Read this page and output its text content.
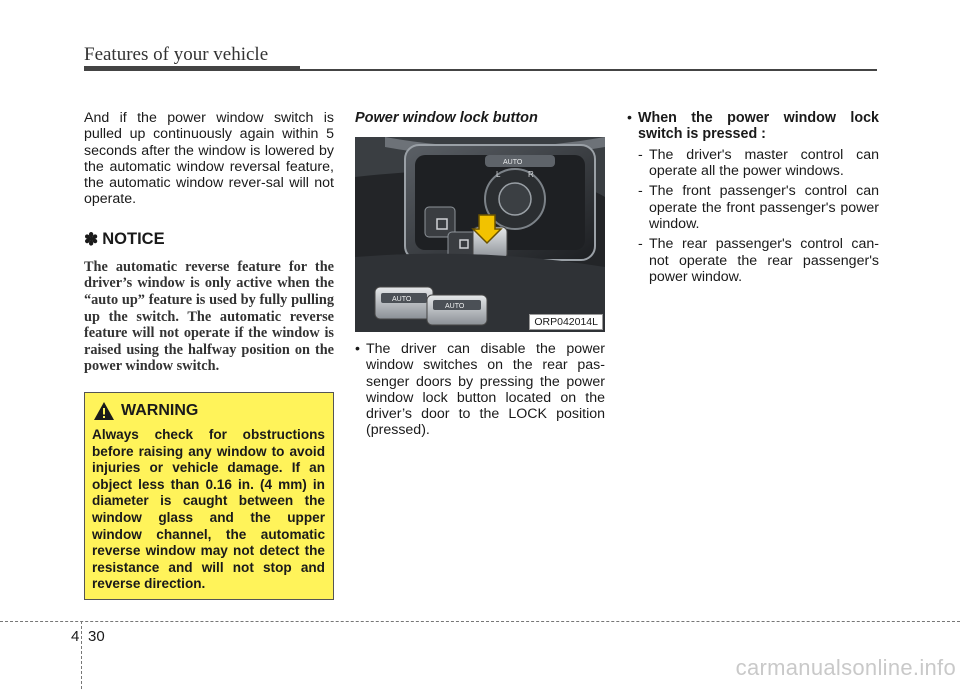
Features of your vehicle

And if the power window switch is pulled up continuously again within 5 seconds after the window is lowered by the automatic window reversal feature, the automatic window rever-sal will not operate.

✽ NOTICE

The automatic reverse feature for the driver’s window is only active when the “auto up” feature is used by fully pulling up the switch. The automatic reverse feature will not operate if the window is raised using the halfway position on the power window switch.

WARNING

Always check for obstructions before raising any window to avoid injuries or vehicle damage. If an object less than 0.16 in. (4 mm) in diameter is caught between the window glass and the upper window channel, the automatic reverse window may not detect the resistance and will not stop and reverse direction.

Power window lock button
L	R
AUTO
AUTO
AUTO
ORP042014L
• The driver can disable the power window switches on the rear pas-senger doors by pressing the power window lock button located on the driver’s door to the LOCK position (pressed).

• When the power window lock switch is pressed :

- The driver's master control can operate all the power windows.

- The front passenger's control can operate the front passenger's power window.

- The rear passenger's control can-not operate the rear passenger's power window.

4 30
carmanualsonline.info
